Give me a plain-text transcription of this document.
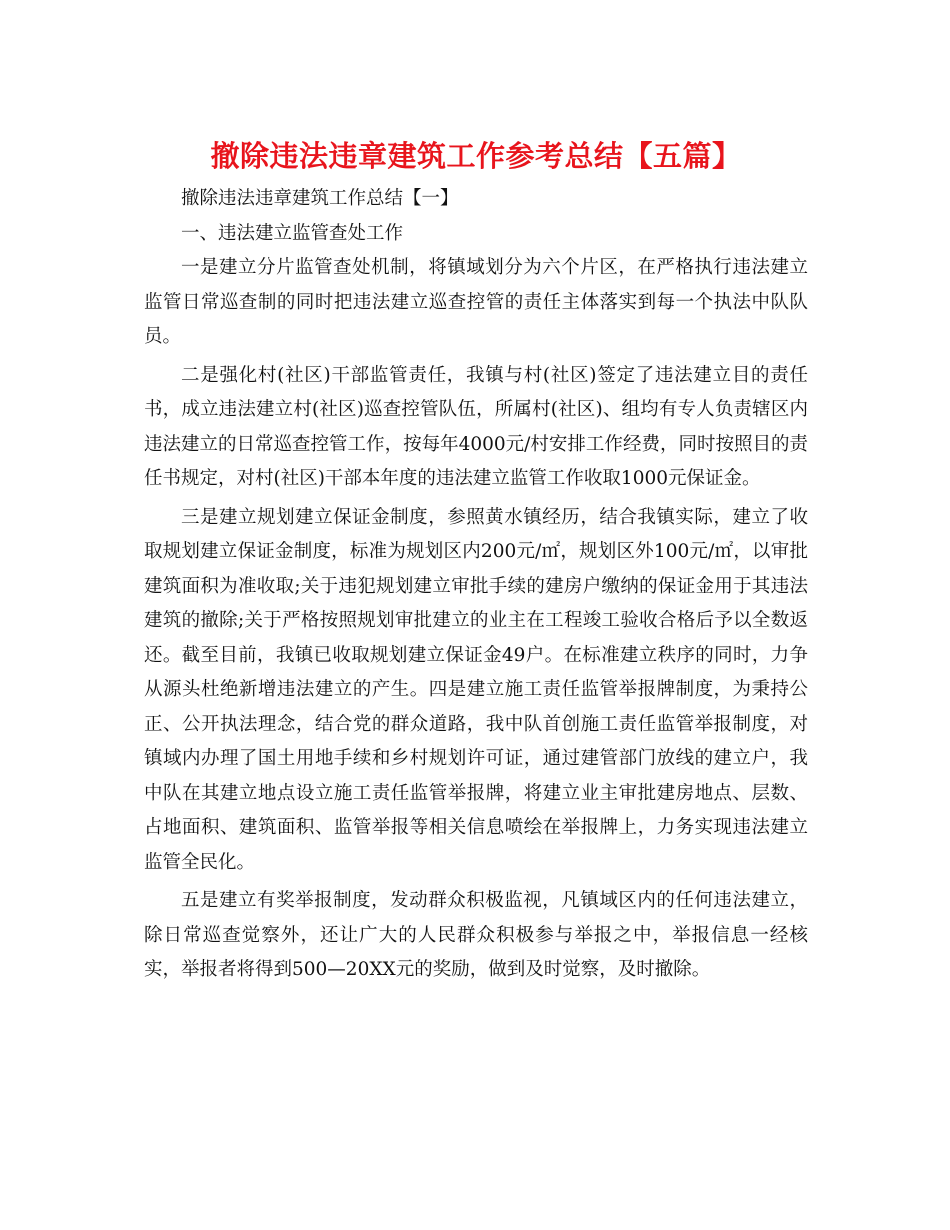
撤除违法违章建筑工作参考总结【五篇】

撤除违法违章建筑工作总结【一】

一、违法建立监管查处工作

一是建立分片监管查处机制，将镇域划分为六个片区，在严格执行违法建立监管日常巡查制的同时把违法建立巡查控管的责任主体落实到每一个执法中队队员。

二是强化村(社区)干部监管责任，我镇与村(社区)签定了违法建立目的责任书，成立违法建立村(社区)巡查控管队伍，所属村(社区)、组均有专人负责辖区内违法建立的日常巡查控管工作，按每年4000元/村安排工作经费，同时按照目的责任书规定，对村(社区)干部本年度的违法建立监管工作收取1000元保证金。

三是建立规划建立保证金制度，参照黄水镇经历，结合我镇实际，建立了收取规划建立保证金制度，标准为规划区内200元/㎡，规划区外100元/㎡，以审批建筑面积为准收取;关于违犯规划建立审批手续的建房户缴纳的保证金用于其违法建筑的撤除;关于严格按照规划审批建立的业主在工程竣工验收合格后予以全数返还。截至目前，我镇已收取规划建立保证金49户。在标准建立秩序的同时，力争从源头杜绝新增违法建立的产生。四是建立施工责任监管举报牌制度，为秉持公正、公开执法理念，结合党的群众道路，我中队首创施工责任监管举报制度，对镇域内办理了国土用地手续和乡村规划许可证，通过建管部门放线的建立户，我中队在其建立地点设立施工责任监管举报牌，将建立业主审批建房地点、层数、占地面积、建筑面积、监管举报等相关信息喷绘在举报牌上，力务实现违法建立监管全民化。

五是建立有奖举报制度，发动群众积极监视，凡镇域区内的任何违法建立，除日常巡查觉察外，还让广大的人民群众积极参与举报之中，举报信息一经核实，举报者将得到500—20XX元的奖励，做到及时觉察，及时撤除。
